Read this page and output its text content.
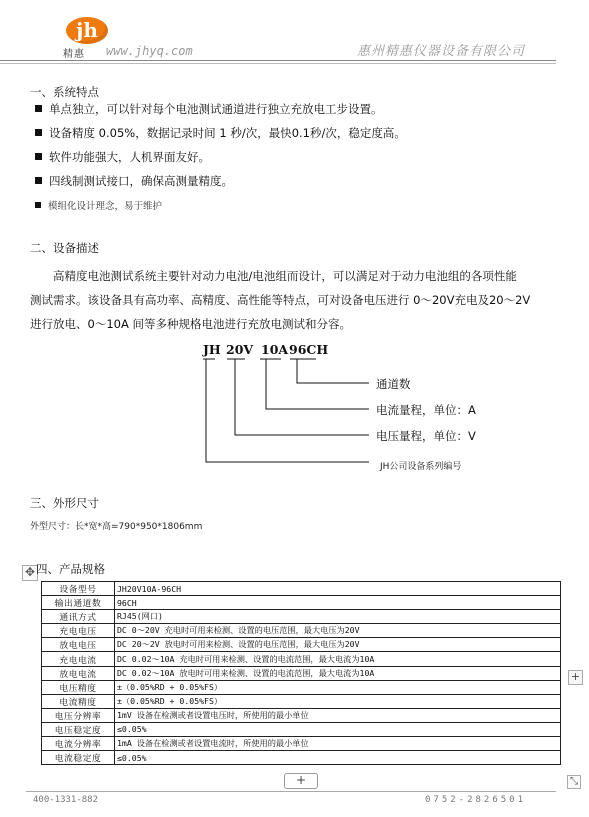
jh
精惠 www.jhyq.com	惠州精惠仪器设备有限公司
一、系统特点
单点独立，可以针对每个电池测试通道进行独立充放电工步设置。
设备精度 0.05%，数据记录时间 1 秒/次，最快0.1秒/次，稳定度高。
软件功能强大，人机界面友好。
四线制测试接口，确保高测量精度。
模组化设计理念，易于维护
二、设备描述
高精度电池测试系统主要针对动力电池/电池组而设计，可以满足对于动力电池组的各项性能
测试需求。该设备具有高功率、高精度、高性能等特点，可对设备电压进行 0～20V充电及20～2V
进行放电、0～10A 间等多种规格电池进行充放电测试和分容。
JH 20V 10A 96CH
通道数
电流量程，单位：A
电压量程，单位：V
JH公司设备系列编号
三、外形尺寸
外型尺寸：长*宽*高=790*950*1806mm
✥ 四、产品规格
设备型号	JH20V10A-96CH
输出通道数	96CH
通讯方式	RJ45(网口)
充电电压	DC 0～20V 充电时可用来检测、设置的电压范围，最大电压为20V
放电电压	DC 20～2V 放电时可用来检测、设置的电压范围，最大电压为20V
充电电流	DC 0.02～10A 充电时可用来检测、设置的电流范围，最大电流为10A
放电电流	DC 0.02～10A 放电时可用来检测、设置的电流范围，最大电流为10A
电压精度	±（0.05%RD + 0.05%FS）
电流精度	±（0.05%RD + 0.05%FS）
电压分辨率	1mV 设备在检测或者设置电压时，所使用的最小单位
电压稳定度	≤0.05%
电流分辨率	1mA 设备在检测或者设置电流时，所使用的最小单位
电流稳定度	≤0.05%
+
+	⤡
400-1331-882	0752-2826501
